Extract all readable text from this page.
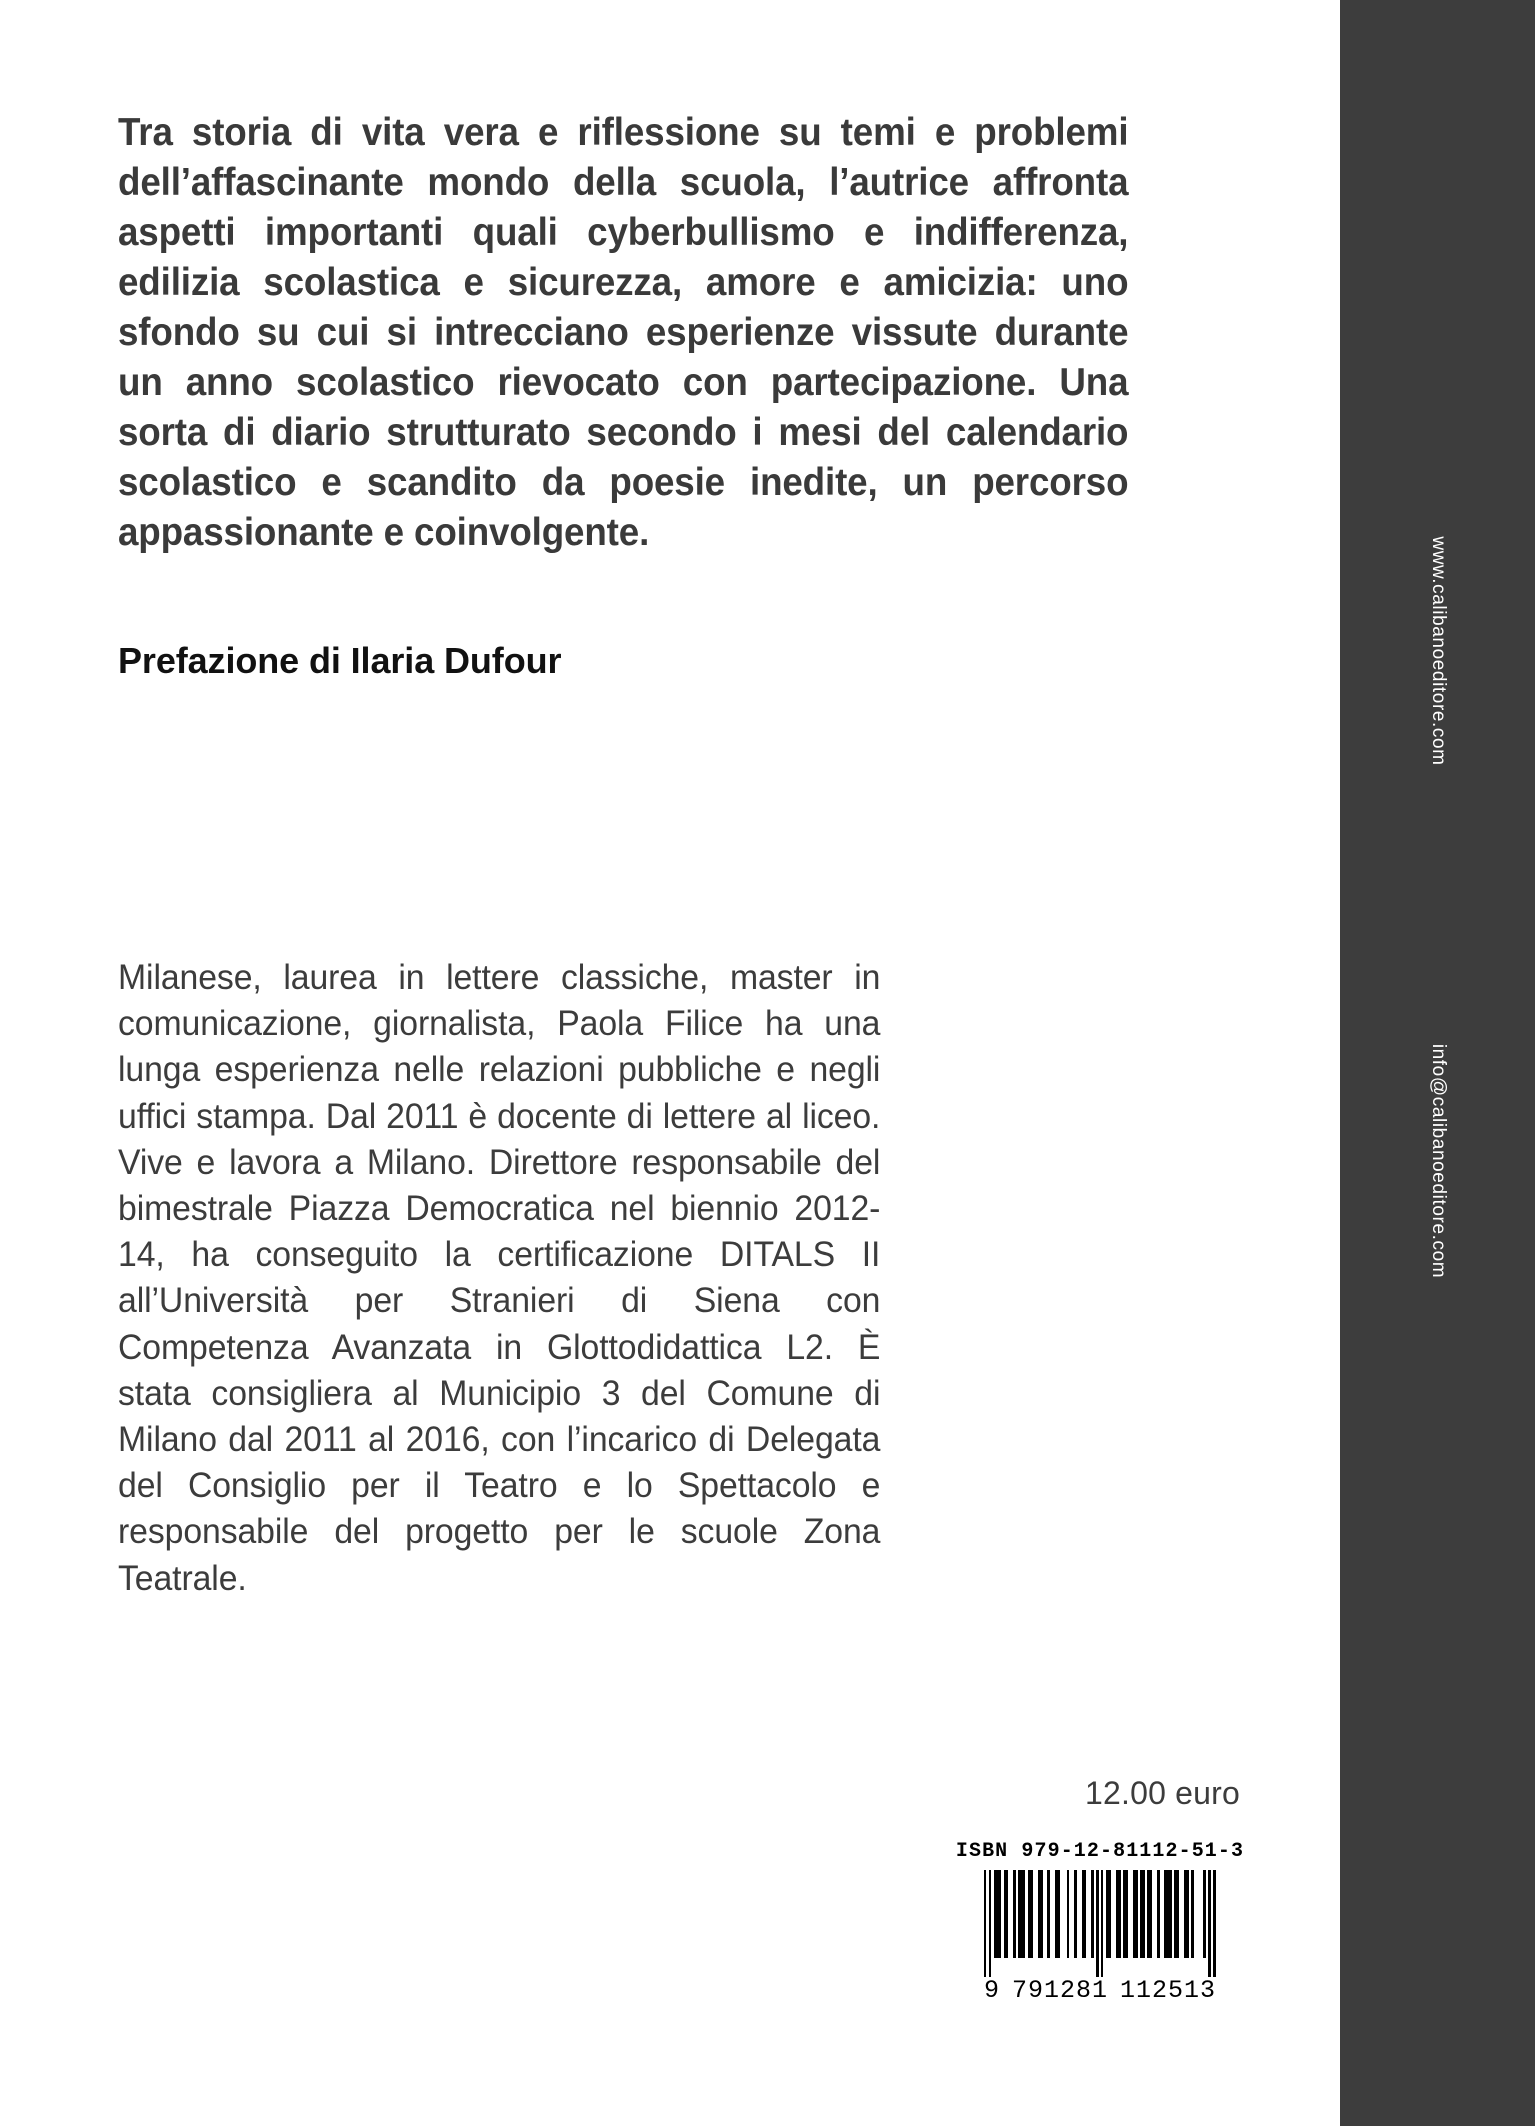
Tra storia di vita vera e riflessione su temi e problemi dell’affascinante mondo della scuola, l’autrice affronta aspetti importanti quali cyberbullismo e indifferenza, edilizia scolastica e sicurezza, amore e amicizia: uno sfondo su cui si intrecciano esperienze vissute durante un anno scolastico rievocato con partecipazione. Una sorta di diario strutturato secondo i mesi del calendario scolastico e scandito da poesie inedite, un percorso appassionante e coinvolgente.

Prefazione di Ilaria Dufour

Milanese, laurea in lettere classiche, master in comunicazione, giornalista, Paola Filice ha una lunga esperienza nelle relazioni pubbliche e negli uffici stampa. Dal 2011 è docente di lettere al liceo. Vive e lavora a Milano. Direttore responsabile del bimestrale Piazza Democratica nel biennio 2012-14, ha conseguito la certificazione DITALS II all’Università per Stranieri di Siena con Competenza Avanzata in Glottodidattica L2. È stata consigliera al Municipio 3 del Comune di Milano dal 2011 al 2016, con l’incarico di Delegata del Consiglio per il Teatro e lo Spettacolo e responsabile del progetto per le scuole Zona Teatrale.

12.00 euro
ISBN 979-12-81112-51-3
9 791281 112513
www.calibanoeditore.com
info@calibanoeditore.com
